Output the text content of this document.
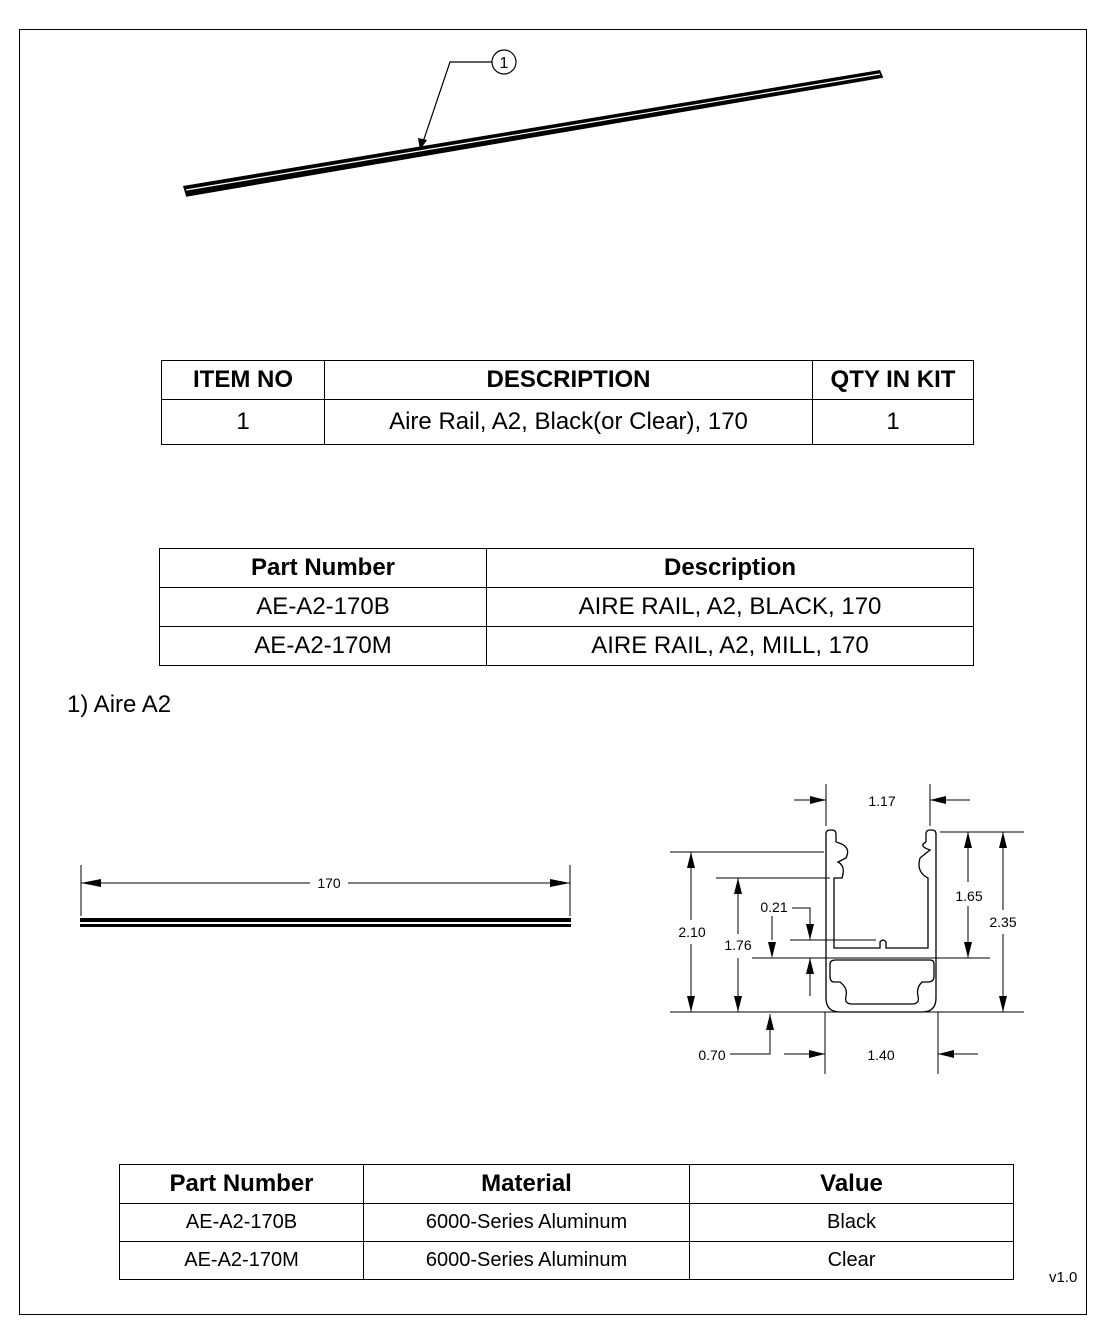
1
ITEM NO	DESCRIPTION	QTY IN KIT
1	Aire Rail, A2, Black(or Clear), 170	1
Part Number	Description
AE-A2-170B	AIRE RAIL, A2, BLACK, 170
AE-A2-170M	AIRE RAIL, A2, MILL, 170
1) Aire A2
170
1.17
2.10
1.76
0.21
1.65
2.35
0.70	1.40
Part Number	Material	Value
AE-A2-170B	6000-Series Aluminum	Black
AE-A2-170M	6000-Series Aluminum	Clear
v1.0
